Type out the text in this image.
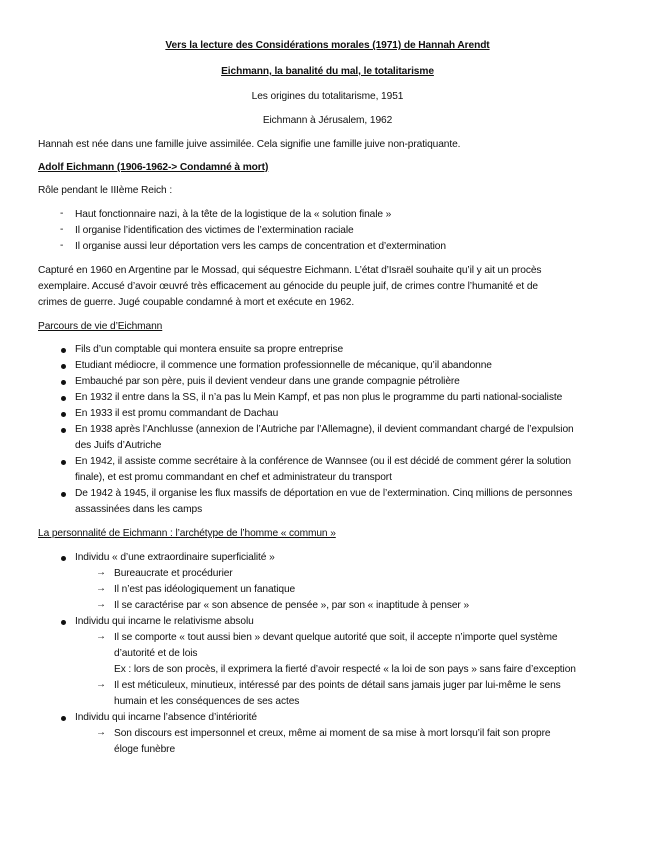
Vers la lecture des Considérations morales (1971) de Hannah Arendt
Eichmann, la banalité du mal, le totalitarisme
Les origines du totalitarisme, 1951
Eichmann à Jérusalem, 1962
Hannah est née dans une famille juive assimilée. Cela signifie une famille juive non-pratiquante.
Adolf Eichmann (1906-1962-> Condamné à mort)
Rôle pendant le IIIème Reich :
- Haut fonctionnaire nazi, à la tête de la logistique de la « solution finale »
- Il organise l’identification des victimes de l’extermination raciale
- Il organise aussi leur déportation vers les camps de concentration et d’extermination
Capturé en 1960 en Argentine par le Mossad, qui séquestre Eichmann. L’état d’Israël souhaite qu’il y ait un procès
exemplaire. Accusé d’avoir œuvré très efficacement au génocide du peuple juif, de crimes contre l’humanité et de
crimes de guerre. Jugé coupable condamné à mort et exécute en 1962.
Parcours de vie d’Eichmann
Fils d’un comptable qui montera ensuite sa propre entreprise
Etudiant médiocre, il commence une formation professionnelle de mécanique, qu’il abandonne
Embauché par son père, puis il devient vendeur dans une grande compagnie pétrolière
En 1932 il entre dans la SS, il n’a pas lu Mein Kampf, et pas non plus le programme du parti national-socialiste
En 1933 il est promu commandant de Dachau
En 1938 après l’Anchlusse (annexion de l’Autriche par l’Allemagne), il devient commandant chargé de l’expulsion
des Juifs d’Autriche
En 1942, il assiste comme secrétaire à la conférence de Wannsee (ou il est décidé de comment gérer la solution
finale), et est promu commandant en chef et administrateur du transport
De 1942 à 1945, il organise les flux massifs de déportation en vue de l’extermination. Cinq millions de personnes
assassinées dans les camps
La personnalité de Eichmann : l’archétype de l’homme « commun »
Individu « d’une extraordinaire superficialité »
→ Bureaucrate et procédurier
→ Il n’est pas idéologiquement un fanatique
→ Il se caractérise par « son absence de pensée », par son « inaptitude à penser »
Individu qui incarne le relativisme absolu
→ Il se comporte « tout aussi bien » devant quelque autorité que soit, il accepte n’importe quel système
d’autorité et de lois
Ex : lors de son procès, il exprimera la fierté d’avoir respecté « la loi de son pays » sans faire d’exception
→ Il est méticuleux, minutieux, intéressé par des points de détail sans jamais juger par lui-même le sens
humain et les conséquences de ses actes
Individu qui incarne l’absence d’intériorité
→ Son discours est impersonnel et creux, même ai moment de sa mise à mort lorsqu’il fait son propre
éloge funèbre
